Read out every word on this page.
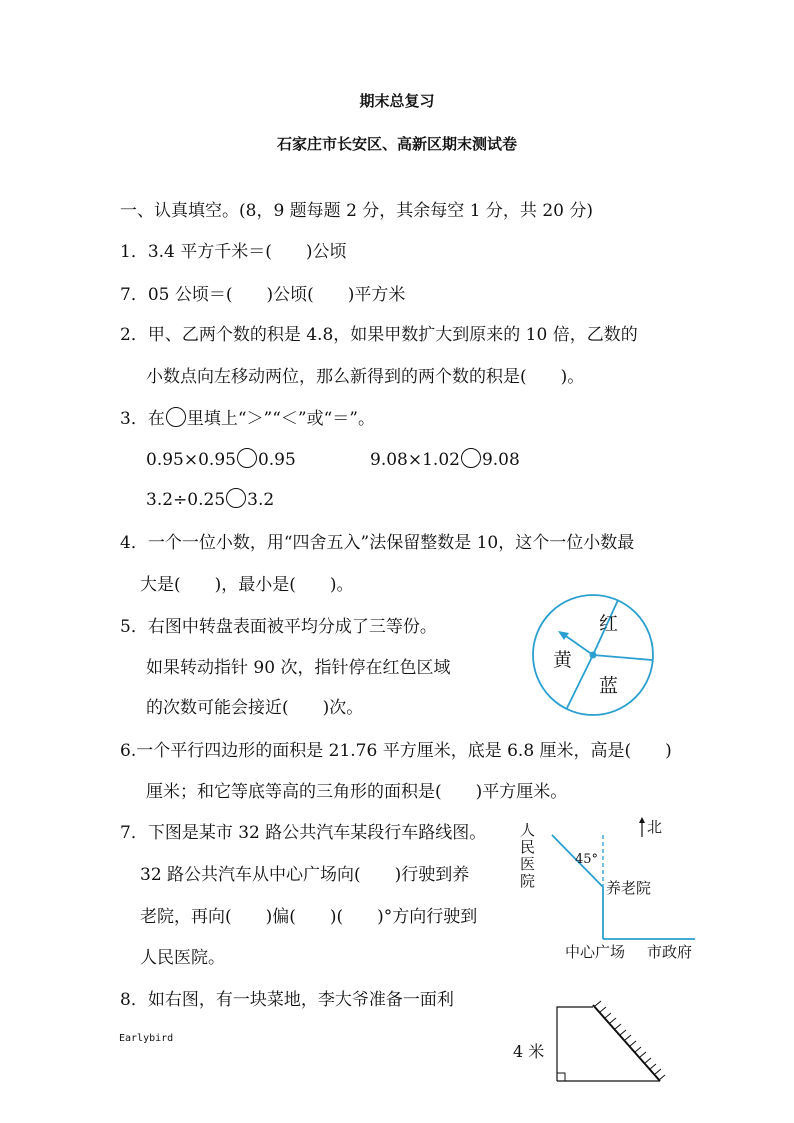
期末总复习
石家庄市长安区、高新区期末测试卷
一、认真填空。(8，9 题每题 2 分，其余每空 1 分，共 20 分)
1．3.4 平方千米＝(　　)公顷
7．05 公顷＝(　　)公顷(　　)平方米
2．甲、乙两个数的积是 4.8，如果甲数扩大到原来的 10 倍，乙数的
小数点向左移动两位，那么新得到的两个数的积是(　　)。
3．在 里填上“＞”“＜”或“＝”。
0.95×0.95 0.95	9.08×1.02 9.08
3.2÷0.25 3.2
4．一个一位小数，用“四舍五入”法保留整数是 10，这个一位小数最
大是(　　)，最小是(　　)。
5．右图中转盘表面被平均分成了三等份。
如果转动指针 90 次，指针停在红色区域
的次数可能会接近(　　)次。
红
黄
蓝
6.一个平行四边形的面积是 21.76 平方厘米，底是 6.8 厘米，高是(　　)
厘米；和它等底等高的三角形的面积是(　　)平方厘米。
7．下图是某市 32 路公共汽车某段行车路线图。
32 路公共汽车从中心广场向(　　)行驶到养
老院，再向(　　)偏(　　)(　　)°方向行驶到
人民医院。
人
民
医
院
北
45°
养老院
中心广场 市政府
8．如右图，有一块菜地，李大爷准备一面利
4 米
Earlybird
